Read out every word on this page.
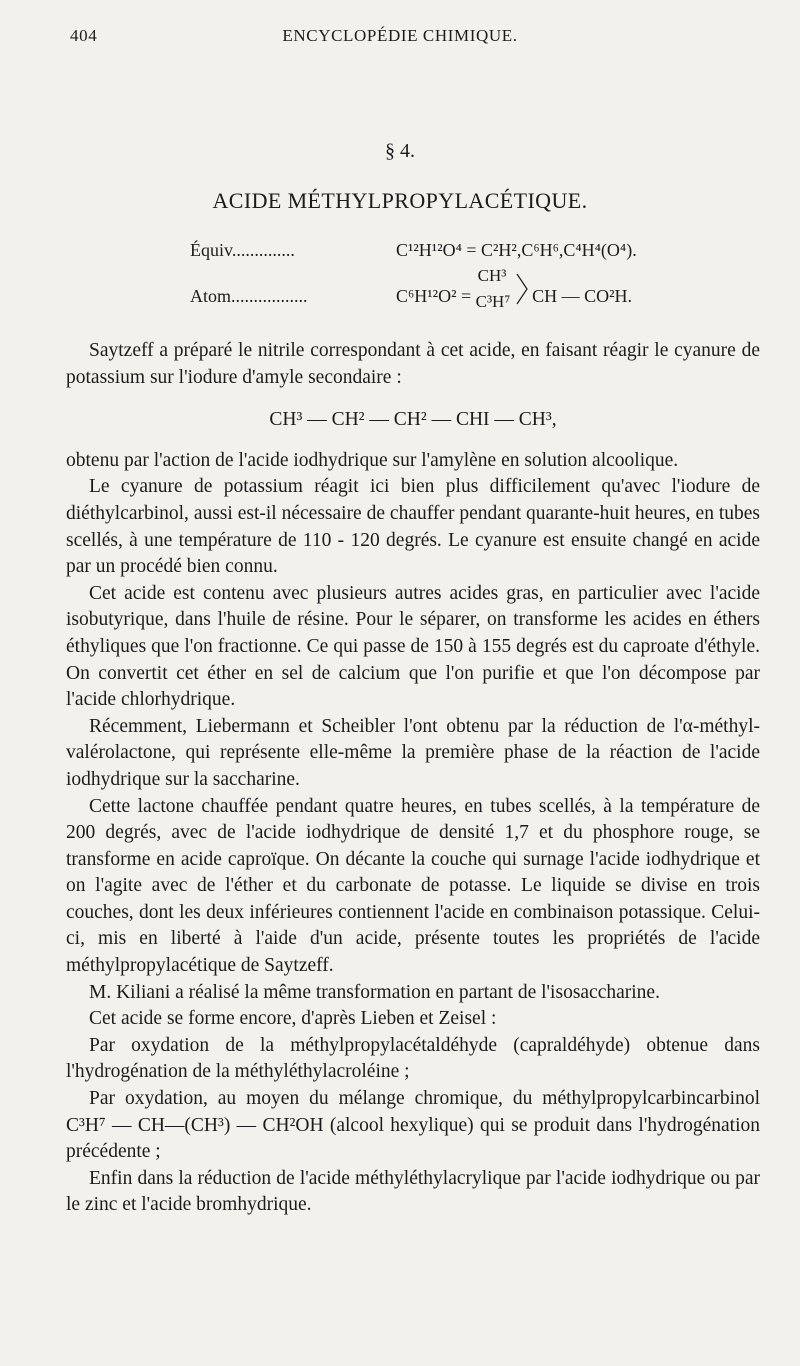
404	ENCYCLOPÉDIE CHIMIQUE.
§ 4.
ACIDE MÉTHYLPROPYLACÉTIQUE.
Équiv..............	C¹²H¹²O⁴ = C²H²,C⁶H⁶,C⁴H⁴(O⁴).
Atom.................	C⁶H¹²O² =
CH³
C³H⁷ CH — CO²H.

Saytzeff a préparé le nitrile correspondant à cet acide, en faisant réagir le cyanure de potassium sur l'iodure d'amyle secondaire :

CH³ — CH² — CH² — CHI — CH³,

obtenu par l'action de l'acide iodhydrique sur l'amylène en solution alcoolique.

Le cyanure de potassium réagit ici bien plus difficilement qu'avec l'iodure de diéthylcarbinol, aussi est-il nécessaire de chauffer pendant quarante-huit heures, en tubes scellés, à une température de 110 - 120 degrés. Le cyanure est ensuite changé en acide par un procédé bien connu.

Cet acide est contenu avec plusieurs autres acides gras, en particulier avec l'acide isobutyrique, dans l'huile de résine. Pour le séparer, on transforme les acides en éthers éthyliques que l'on fractionne. Ce qui passe de 150 à 155 degrés est du caproate d'éthyle. On convertit cet éther en sel de calcium que l'on purifie et que l'on décompose par l'acide chlorhydrique.

Récemment, Liebermann et Scheibler l'ont obtenu par la réduction de l'α-méthyl-valérolactone, qui représente elle-même la première phase de la réaction de l'acide iodhydrique sur la saccharine.

Cette lactone chauffée pendant quatre heures, en tubes scellés, à la température de 200 degrés, avec de l'acide iodhydrique de densité 1,7 et du phosphore rouge, se transforme en acide caproïque. On décante la couche qui surnage l'acide iodhydrique et on l'agite avec de l'éther et du carbonate de potasse. Le liquide se divise en trois couches, dont les deux inférieures contiennent l'acide en combinaison potassique. Celui-ci, mis en liberté à l'aide d'un acide, présente toutes les propriétés de l'acide méthylpropylacétique de Saytzeff.

M. Kiliani a réalisé la même transformation en partant de l'isosaccharine.

Cet acide se forme encore, d'après Lieben et Zeisel :

Par oxydation de la méthylpropylacétaldéhyde (capraldéhyde) obtenue dans l'hydrogénation de la méthyléthylacroléine ;

Par oxydation, au moyen du mélange chromique, du méthylpropylcarbincarbinol C³H⁷ — CH—(CH³) — CH²OH (alcool hexylique) qui se produit dans l'hydrogénation précédente ;

Enfin dans la réduction de l'acide méthyléthylacrylique par l'acide iodhydrique ou par le zinc et l'acide bromhydrique.
